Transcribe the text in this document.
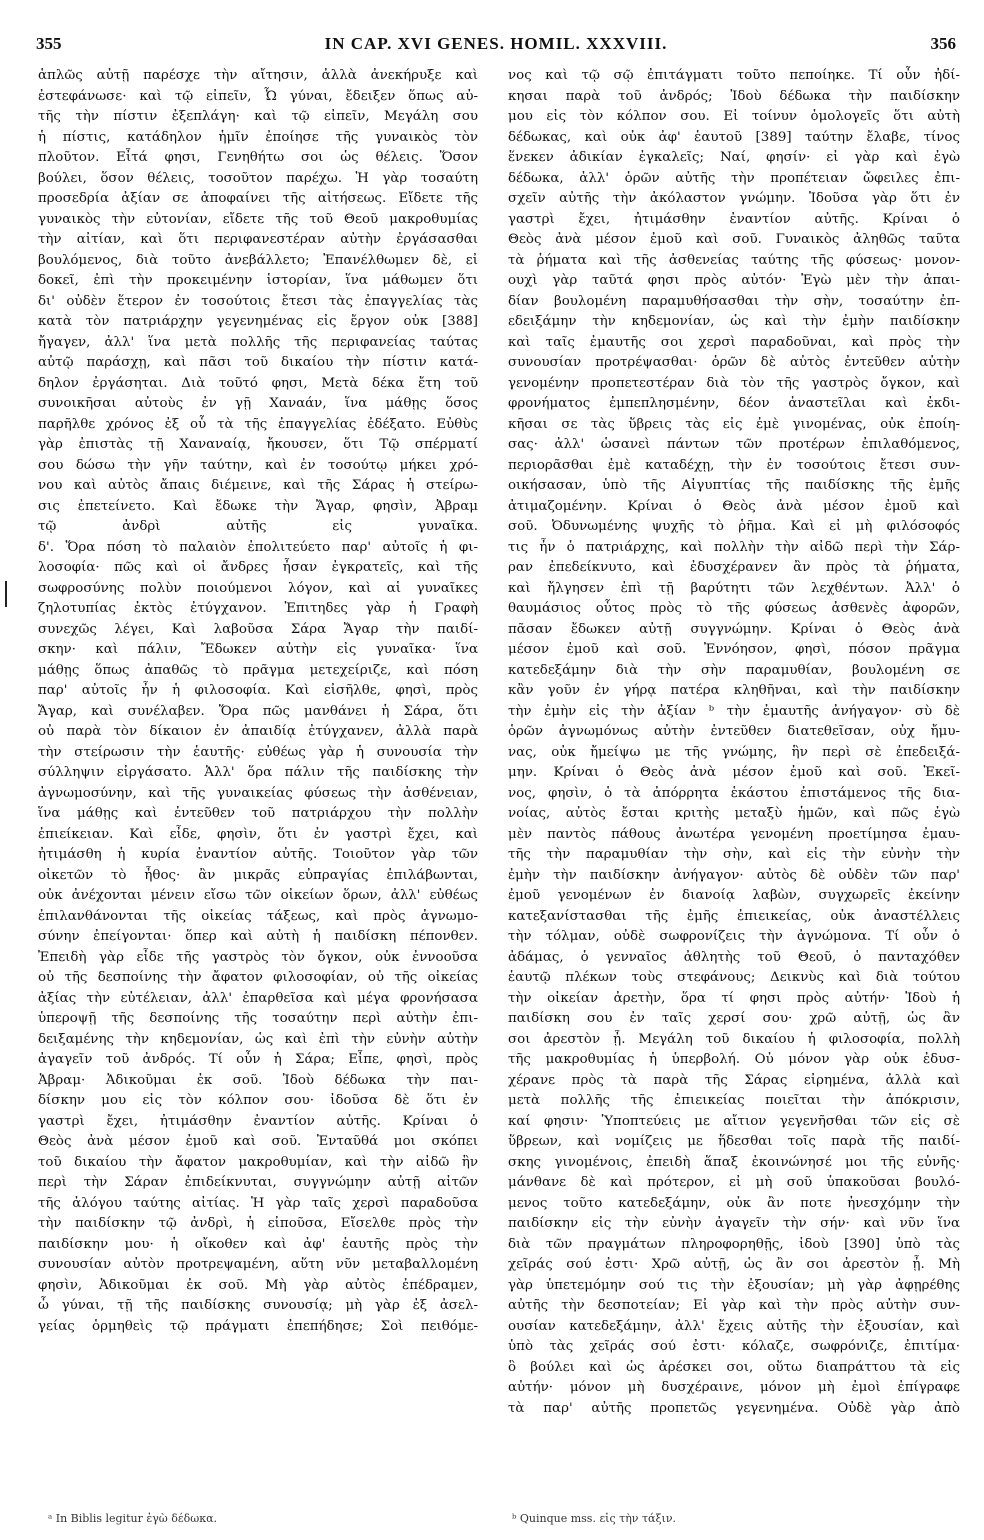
355	IN CAP. XVI GENES. HOMIL. XXXVIII.	356
ἁπλῶς αὐτῇ παρέσχε τὴν αἴτησιν, ἀλλὰ ἀνεκήρυξε καὶ
ἐστεφάνωσε· καὶ τῷ εἰπεῖν, Ὦ γύναι, ἔδειξεν ὅπως αὐ-
τῆς τὴν πίστιν ἐξεπλάγη· καὶ τῷ εἰπεῖν, Μεγάλη σου
ἡ πίστις, κατάδηλον ἡμῖν ἐποίησε τῆς γυναικὸς τὸν
πλοῦτον. Εἶτά φησι, Γενηθήτω σοι ὡς θέλεις. Ὅσον
βούλει, ὅσον θέλεις, τοσοῦτον παρέχω. Ἡ γὰρ τοσαύτη
προσεδρία ἀξίαν σε ἀποφαίνει τῆς αἰτήσεως. Εἴδετε τῆς
γυναικὸς τὴν εὐτονίαν, εἴδετε τῆς τοῦ Θεοῦ μακροθυμίας
τὴν αἰτίαν, καὶ ὅτι περιφανεστέραν αὐτὴν ἐργάσασθαι
βουλόμενος, διὰ τοῦτο ἀνεβάλλετο; Ἐπανέλθωμεν δὲ, εἰ
δοκεῖ, ἐπὶ τὴν προκειμένην ἱστορίαν, ἵνα μάθωμεν ὅτι
δι' οὐδὲν ἕτερον ἐν τοσούτοις ἔτεσι τὰς ἐπαγγελίας τὰς
κατὰ τὸν πατριάρχην γεγενημένας εἰς ἔργον οὐκ [388]
ἤγαγεν, ἀλλ' ἵνα μετὰ πολλῆς τῆς περιφανείας ταύτας
αὐτῷ παράσχῃ, καὶ πᾶσι τοῦ δικαίου τὴν πίστιν κατά-
δηλον ἐργάσηται. Διὰ τοῦτό φησι, Μετὰ δέκα ἔτη τοῦ
συνοικῆσαι αὐτοὺς ἐν γῇ Χαναάν, ἵνα μάθῃς ὅσος
παρῆλθε χρόνος ἐξ οὗ τὰ τῆς ἐπαγγελίας ἐδέξατο. Εὐθὺς
γὰρ ἐπιστὰς τῇ Χαναναίᾳ, ἤκουσεν, ὅτι Τῷ σπέρματί
σου δώσω τὴν γῆν ταύτην, καὶ ἐν τοσούτῳ μήκει χρό-
νου καὶ αὐτὸς ἄπαις διέμεινε, καὶ τῆς Σάρας ἡ στείρω-
σις ἐπετείνετο. Καὶ ἔδωκε τὴν Ἄγαρ, φησὶν, Ἀβραμ
τῷ ἀνδρὶ αὐτῆς εἰς γυναῖκα.
δ'. Ὅρα πόση τὸ παλαιὸν ἐπολιτεύετο παρ' αὐτοῖς ἡ φι-
λοσοφία· πῶς καὶ οἱ ἄνδρες ἦσαν ἐγκρατεῖς, καὶ τῆς
σωφροσύνης πολὺν ποιούμενοι λόγον, καὶ αἱ γυναῖκες
ζηλοτυπίας ἐκτὸς ἐτύγχανον. Ἐπιτηδες γὰρ ἡ Γραφὴ
συνεχῶς λέγει, Καὶ λαβοῦσα Σάρα Ἄγαρ τὴν παιδί-
σκην· καὶ πάλιν, Ἔδωκεν αὐτὴν εἰς γυναῖκα· ἵνα
μάθῃς ὅπως ἀπαθῶς τὸ πρᾶγμα μετεχείριζε, καὶ πόση
παρ' αὐτοῖς ἦν ἡ φιλοσοφία. Καὶ εἰσῆλθε, φησὶ, πρὸς
Ἄγαρ, καὶ συνέλαβεν. Ὅρα πῶς μανθάνει ἡ Σάρα, ὅτι
οὐ παρὰ τὸν δίκαιον ἐν ἀπαιδίᾳ ἐτύγχανεν, ἀλλὰ παρὰ
τὴν στείρωσιν τὴν ἑαυτῆς· εὐθέως γὰρ ἡ συνουσία τὴν
σύλληψιν εἰργάσατο. Ἀλλ' ὅρα πάλιν τῆς παιδίσκης τὴν
ἀγνωμοσύνην, καὶ τῆς γυναικείας φύσεως τὴν ἀσθένειαν,
ἵνα μάθῃς καὶ ἐντεῦθεν τοῦ πατριάρχου τὴν πολλὴν
ἐπιείκειαν. Καὶ εἶδε, φησὶν, ὅτι ἐν γαστρὶ ἔχει, καὶ
ἠτιμάσθη ἡ κυρία ἐναντίον αὐτῆς. Τοιοῦτον γὰρ τῶν
οἰκετῶν τὸ ἦθος· ἂν μικρᾶς εὐπραγίας ἐπιλάβωνται,
οὐκ ἀνέχονται μένειν εἴσω τῶν οἰκείων ὅρων, ἀλλ' εὐθέως
ἐπιλανθάνονται τῆς οἰκείας τάξεως, καὶ πρὸς ἀγνωμο-
σύνην ἐπείγονται· ὅπερ καὶ αὐτὴ ἡ παιδίσκη πέπονθεν.
Ἐπειδὴ γὰρ εἶδε τῆς γαστρὸς τὸν ὄγκον, οὐκ ἐννοοῦσα
οὐ τῆς δεσποίνης τὴν ἄφατον φιλοσοφίαν, οὐ τῆς οἰκείας
ἀξίας τὴν εὐτέλειαν, ἀλλ' ἐπαρθεῖσα καὶ μέγα φρονήσασα
ὑπεροψῇ τῆς δεσποίνης τῆς τοσαύτην περὶ αὐτὴν ἐπι-
δειξαμένης τὴν κηδεμονίαν, ὡς καὶ ἐπὶ τὴν εὐνὴν αὐτὴν
ἀγαγεῖν τοῦ ἀνδρός. Τί οὖν ἡ Σάρα; Εἶπε, φησὶ, πρὸς
Ἀβραμ· Ἀδικοῦμαι ἐκ σοῦ. Ἰδοὺ δέδωκα τὴν παι-
δίσκην μου εἰς τὸν κόλπον σου· ἰδοῦσα δὲ ὅτι ἐν
γαστρὶ ἔχει, ἠτιμάσθην ἐναντίον αὐτῆς. Κρίναι ὁ
Θεὸς ἀνὰ μέσον ἐμοῦ καὶ σοῦ. Ἐνταῦθά μοι σκόπει
τοῦ δικαίου τὴν ἄφατον μακροθυμίαν, καὶ τὴν αἰδῶ ἣν
περὶ τὴν Σάραν ἐπιδείκνυται, συγγνώμην αὐτῇ αἰτῶν
τῆς ἀλόγου ταύτης αἰτίας. Ἡ γὰρ ταῖς χερσὶ παραδοῦσα
τὴν παιδίσκην τῷ ἀνδρὶ, ἡ εἰποῦσα, Εἴσελθε πρὸς τὴν
παιδίσκην μου· ἡ οἴκοθεν καὶ ἀφ' ἑαυτῆς πρὸς τὴν
συνουσίαν αὐτὸν προτρεψαμένη, αὕτη νῦν μεταβαλλομένη
φησὶν, Ἀδικοῦμαι ἐκ σοῦ. Μὴ γὰρ αὐτὸς ἐπέδραμεν,
ὦ γύναι, τῇ τῆς παιδίσκης συνουσίᾳ; μὴ γὰρ ἐξ ἀσελ-
γείας ὁρμηθεὶς τῷ πράγματι ἐπεπήδησε; Σοὶ πειθόμε-
νος καὶ τῷ σῷ ἐπιτάγματι τοῦτο πεποίηκε. Τί οὖν ἠδί-
κησαι παρὰ τοῦ ἀνδρός; Ἰδοὺ δέδωκα τὴν παιδίσκην
μου εἰς τὸν κόλπον σου. Εἰ τοίνυν ὁμολογεῖς ὅτι αὐτὴ
δέδωκας, καὶ οὐκ ἀφ' ἑαυτοῦ [389] ταύτην ἔλαβε, τίνος
ἕνεκεν ἀδικίαν ἐγκαλεῖς; Ναί, φησίν· εἰ γὰρ καὶ ἐγὼ
δέδωκα, ἀλλ' ὁρῶν αὐτῆς τὴν προπέτειαν ὤφειλες ἐπι-
σχεῖν αὐτῆς τὴν ἀκόλαστον γνώμην. Ἰδοῦσα γὰρ ὅτι ἐν
γαστρὶ ἔχει, ἠτιμάσθην ἐναντίον αὐτῆς. Κρίναι ὁ
Θεὸς ἀνὰ μέσον ἐμοῦ καὶ σοῦ. Γυναικὸς ἀληθῶς ταῦτα
τὰ ῥήματα καὶ τῆς ἀσθενείας ταύτης τῆς φύσεως· μονον-
ουχὶ γὰρ ταῦτά φησι πρὸς αὐτόν· Ἐγὼ μὲν τὴν ἀπαι-
δίαν βουλομένη παραμυθήσασθαι τὴν σὴν, τοσαύτην ἐπ-
εδειξάμην τὴν κηδεμονίαν, ὡς καὶ τὴν ἐμὴν παιδίσκην
καὶ ταῖς ἐμαυτῆς σοι χερσὶ παραδοῦναι, καὶ πρὸς τὴν
συνουσίαν προτρέψασθαι· ὁρῶν δὲ αὐτὸς ἐντεῦθεν αὐτὴν
γενομένην προπετεστέραν διὰ τὸν τῆς γαστρὸς ὄγκον, καὶ
φρονήματος ἐμπεπλησμένην, δέον ἀναστεῖλαι καὶ ἐκδι-
κῆσαι σε τὰς ὕβρεις τὰς εἰς ἐμὲ γινομένας, οὐκ ἐποίη-
σας· ἀλλ' ὡσανεὶ πάντων τῶν προτέρων ἐπιλαθόμενος,
περιορᾶσθαι ἐμὲ καταδέχῃ, τὴν ἐν τοσούτοις ἔτεσι συν-
οικήσασαν, ὑπὸ τῆς Αἰγυπτίας τῆς παιδίσκης τῆς ἐμῆς
ἀτιμαζομένην. Κρίναι ὁ Θεὸς ἀνὰ μέσον ἐμοῦ καὶ
σοῦ. Ὀδυνωμένης ψυχῆς τὸ ῥῆμα. Καὶ εἰ μὴ φιλόσοφός
τις ἦν ὁ πατριάρχης, καὶ πολλὴν τὴν αἰδῶ περὶ τὴν Σάρ-
ραν ἐπεδείκνυτο, καὶ ἐδυσχέρανεν ἂν πρὸς τὰ ῥήματα,
καὶ ἤλγησεν ἐπὶ τῇ βαρύτητι τῶν λεχθέντων. Ἀλλ' ὁ
θαυμάσιος οὗτος πρὸς τὸ τῆς φύσεως ἀσθενὲς ἀφορῶν,
πᾶσαν ἔδωκεν αὐτῇ συγγνώμην. Κρίναι ὁ Θεὸς ἀνὰ
μέσον ἐμοῦ καὶ σοῦ. Ἐννόησον, φησὶ, πόσον πρᾶγμα
κατεδεξάμην διὰ τὴν σὴν παραμυθίαν, βουλομένη σε
κἂν γοῦν ἐν γήρᾳ πατέρα κληθῆναι, καὶ τὴν παιδίσκην
τὴν ἐμὴν εἰς τὴν ἀξίαν ᵇ τὴν ἐμαυτῆς ἀνήγαγον· σὺ δὲ
ὁρῶν ἀγνωμόνως αὐτὴν ἐντεῦθεν διατεθεῖσαν, οὐχ ἤμυ-
νας, οὐκ ἤμείψω με τῆς γνώμης, ἣν περὶ σὲ ἐπεδειξά-
μην. Κρίναι ὁ Θεὸς ἀνὰ μέσον ἐμοῦ καὶ σοῦ. Ἐκεῖ-
νος, φησὶν, ὁ τὰ ἀπόρρητα ἑκάστου ἐπιστάμενος τῆς δια-
νοίας, αὐτὸς ἔσται κριτὴς μεταξὺ ἡμῶν, καὶ πῶς ἐγὼ
μὲν παντὸς πάθους ἀνωτέρα γενομένη προετίμησα ἐμαυ-
τῆς τὴν παραμυθίαν τὴν σὴν, καὶ εἰς τὴν εὐνὴν τὴν
ἐμὴν τὴν παιδίσκην ἀνήγαγον· αὐτὸς δὲ οὐδὲν τῶν παρ'
ἐμοῦ γενομένων ἐν διανοίᾳ λαβὼν, συγχωρεῖς ἐκείνην
κατεξανίστασθαι τῆς ἐμῆς ἐπιεικείας, οὐκ ἀναστέλλεις
τὴν τόλμαν, οὐδὲ σωφρονίζεις τὴν ἀγνώμονα. Τί οὖν ὁ
ἀδάμας, ὁ γενναῖος ἀθλητὴς τοῦ Θεοῦ, ὁ πανταχόθεν
ἑαυτῷ πλέκων τοὺς στεφάνους; Δεικνὺς καὶ διὰ τούτου
τὴν οἰκείαν ἀρετὴν, ὅρα τί φησι πρὸς αὐτήν· Ἰδοὺ ἡ
παιδίσκη σου ἐν ταῖς χερσί σου· χρῶ αὐτῇ, ὡς ἂν
σοι ἀρεστὸν ᾖ. Μεγάλη τοῦ δικαίου ἡ φιλοσοφία, πολλὴ
τῆς μακροθυμίας ἡ ὑπερβολή. Οὐ μόνον γὰρ οὐκ ἐδυσ-
χέρανε πρὸς τὰ παρὰ τῆς Σάρας εἰρημένα, ἀλλὰ καὶ
μετὰ πολλῆς τῆς ἐπιεικείας ποιεῖται τὴν ἀπόκρισιν,
καί φησιν· Ὑποπτεύεις με αἴτιον γεγενῆσθαι τῶν εἰς σὲ
ὕβρεων, καὶ νομίζεις με ἥδεσθαι τοῖς παρὰ τῆς παιδί-
σκης γινομένοις, ἐπειδὴ ἅπαξ ἐκοινώνησέ μοι τῆς εὐνῆς·
μάνθανε δὲ καὶ πρότερον, εἰ μὴ σοῦ ὑπακοῦσαι βουλό-
μενος τοῦτο κατεδεξάμην, οὐκ ἂν ποτε ἠνεσχόμην τὴν
παιδίσκην εἰς τὴν εὐνὴν ἀγαγεῖν τὴν σήν· καὶ νῦν ἵνα
διὰ τῶν πραγμάτων πληροφορηθῇς, ἰδοὺ [390] ὑπὸ τὰς
χεῖράς σού ἐστι· Χρῶ αὐτῇ, ὡς ἂν σοι ἀρεστὸν ᾖ. Μὴ
γὰρ ὑπετεμόμην σού τις τὴν ἐξουσίαν; μὴ γὰρ ἀφῃρέθης
αὐτῆς τὴν δεσποτείαν; Εἰ γὰρ καὶ τὴν πρὸς αὐτὴν συν-
ουσίαν κατεδεξάμην, ἀλλ' ἔχεις αὐτῆς τὴν ἐξουσίαν, καὶ
ὑπὸ τὰς χεῖράς σού ἐστι· κόλαζε, σωφρόνιζε, ἐπιτίμα·
ὃ βούλει καὶ ὡς ἀρέσκει σοι, οὕτω διαπράττου τὰ εἰς
αὐτήν· μόνον μὴ δυσχέραινε, μόνον μὴ ἐμοὶ ἐπίγραφε
τὰ παρ' αὐτῆς προπετῶς γεγενημένα. Οὐδὲ γὰρ ἀπὸ
ᵃ In Biblis legitur ἐγὼ δέδωκα.	ᵇ Quinque mss. εἰς τὴν τάξιν.
